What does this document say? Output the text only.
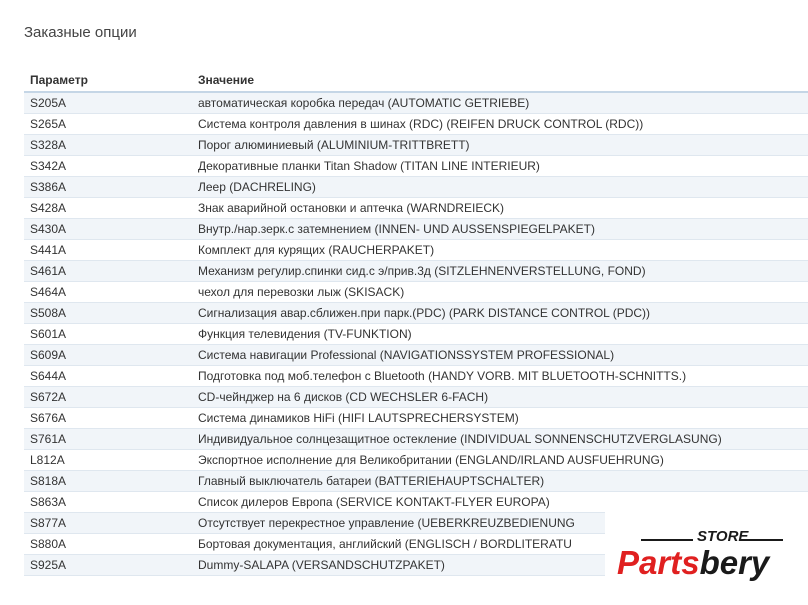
Заказные опции
Параметр	Значение
S205A	автоматическая коробка передач (AUTOMATIC GETRIEBE)
S265A	Система контроля давления в шинах (RDC) (REIFEN DRUCK CONTROL (RDC))
S328A	Порог алюминиевый (ALUMINIUM-TRITTBRETT)
S342A	Декоративные планки Titan Shadow (TITAN LINE INTERIEUR)
S386A	Леер (DACHRELING)
S428A	Знак аварийной остановки и аптечка (WARNDREIECK)
S430A	Внутр./нар.зерк.с затемнением (INNEN- UND AUSSENSPIEGELPAKET)
S441A	Комплект для курящих (RAUCHERPAKET)
S461A	Механизм регулир.спинки сид.с э/прив.3д (SITZLEHNENVERSTELLUNG, FOND)
S464A	чехол для перевозки лыж (SKISACK)
S508A	Сигнализация авар.сближен.при парк.(PDC) (PARK DISTANCE CONTROL (PDC))
S601A	Функция телевидения (TV-FUNKTION)
S609A	Система навигации Professional (NAVIGATIONSSYSTEM PROFESSIONAL)
S644A	Подготовка под моб.телефон с Bluetooth (HANDY VORB. MIT BLUETOOTH-SCHNITTS.)
S672A	CD-чейнджер на 6 дисков (CD WECHSLER 6-FACH)
S676A	Система динамиков HiFi (HIFI LAUTSPRECHERSYSTEM)
S761A	Индивидуальное солнцезащитное остекление (INDIVIDUAL SONNENSCHUTZVERGLASUNG)
L812A	Экспортное исполнение для Великобритании (ENGLAND/IRLAND AUSFUEHRUNG)
S818A	Главный выключатель батареи (BATTERIEHAUPTSCHALTER)
S863A	Список дилеров Европа (SERVICE KONTAKT-FLYER EUROPA)
S877A	Отсутствует перекрестное управление (UEBERKREUZBEDIENUNG
S880A	Бортовая документация, английский (ENGLISCH / BORDLITERATU
S925A	Dummy-SALAPA (VERSANDSCHUTZPAKET)
STORE
Partsbery
